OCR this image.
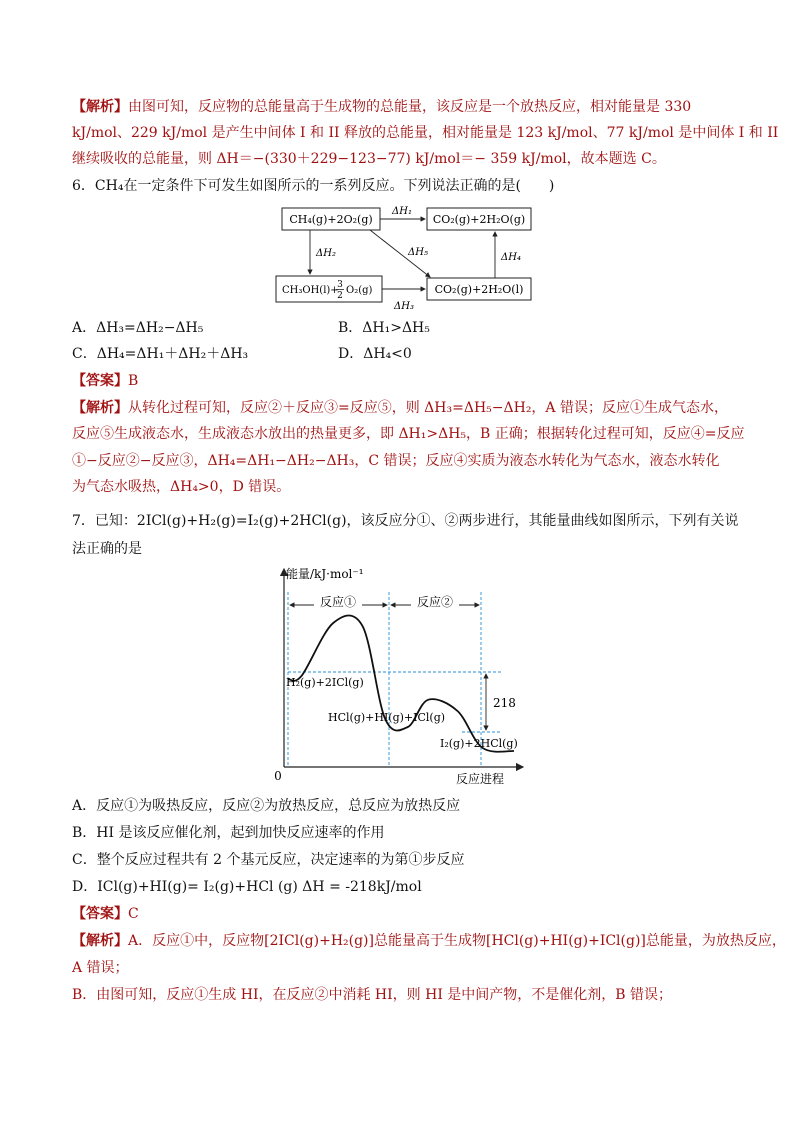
【解析】由图可知，反应物的总能量高于生成物的总能量，该反应是一个放热反应，相对能量是 330
kJ/mol、229 kJ/mol 是产生中间体 I 和 II 释放的总能量，相对能量是 123 kJ/mol、77 kJ/mol 是中间体 I 和 II
继续吸收的总能量，则 ΔH＝−(330＋229−123−77) kJ/mol＝− 359 kJ/mol，故本题选 C。
6．CH₄在一定条件下可发生如图所示的一系列反应。下列说法正确的是(　　)
CH₄(g)+2O₂(g)	CO₂(g)+2H₂O(g)
CH₃OH(l)+
3
2 O₂(g)	CO₂(g)+2H₂O(l)
ΔH₁
ΔH₂
ΔH₃
ΔH₅	ΔH₄
A．ΔH₃=ΔH₂−ΔH₅	B．ΔH₁>ΔH₅
C．ΔH₄=ΔH₁＋ΔH₂＋ΔH₃	D．ΔH₄<0
【答案】B
【解析】从转化过程可知，反应②＋反应③=反应⑤，则 ΔH₃=ΔH₅−ΔH₂，A 错误；反应①生成气态水，
反应⑤生成液态水，生成液态水放出的热量更多，即 ΔH₁>ΔH₅，B 正确；根据转化过程可知，反应④=反应
①−反应②−反应③，ΔH₄=ΔH₁−ΔH₂−ΔH₃，C 错误；反应④实质为液态水转化为气态水，液态水转化
为气态水吸热，ΔH₄>0，D 错误。
7．已知：2ICl(g)+H₂(g)=I₂(g)+2HCl(g)，该反应分①、②两步进行，其能量曲线如图所示，下列有关说
法正确的是
能量/kJ·mol⁻¹
反应进程
0
反应①	反应②
218
H₂(g)+2ICl(g)
HCl(g)+HI(g)+ICl(g)
I₂(g)+2HCl(g)
A．反应①为吸热反应，反应②为放热反应，总反应为放热反应
B．HI 是该反应催化剂，起到加快反应速率的作用
C．整个反应过程共有 2 个基元反应，决定速率的为第①步反应
D．ICl(g)+HI(g)= I₂(g)+HCl (g) ΔH = -218kJ/mol
【答案】C
【解析】A．反应①中，反应物[2ICl(g)+H₂(g)]总能量高于生成物[HCl(g)+HI(g)+ICl(g)]总能量，为放热反应，
A 错误；
B．由图可知，反应①生成 HI，在反应②中消耗 HI，则 HI 是中间产物，不是催化剂，B 错误；
